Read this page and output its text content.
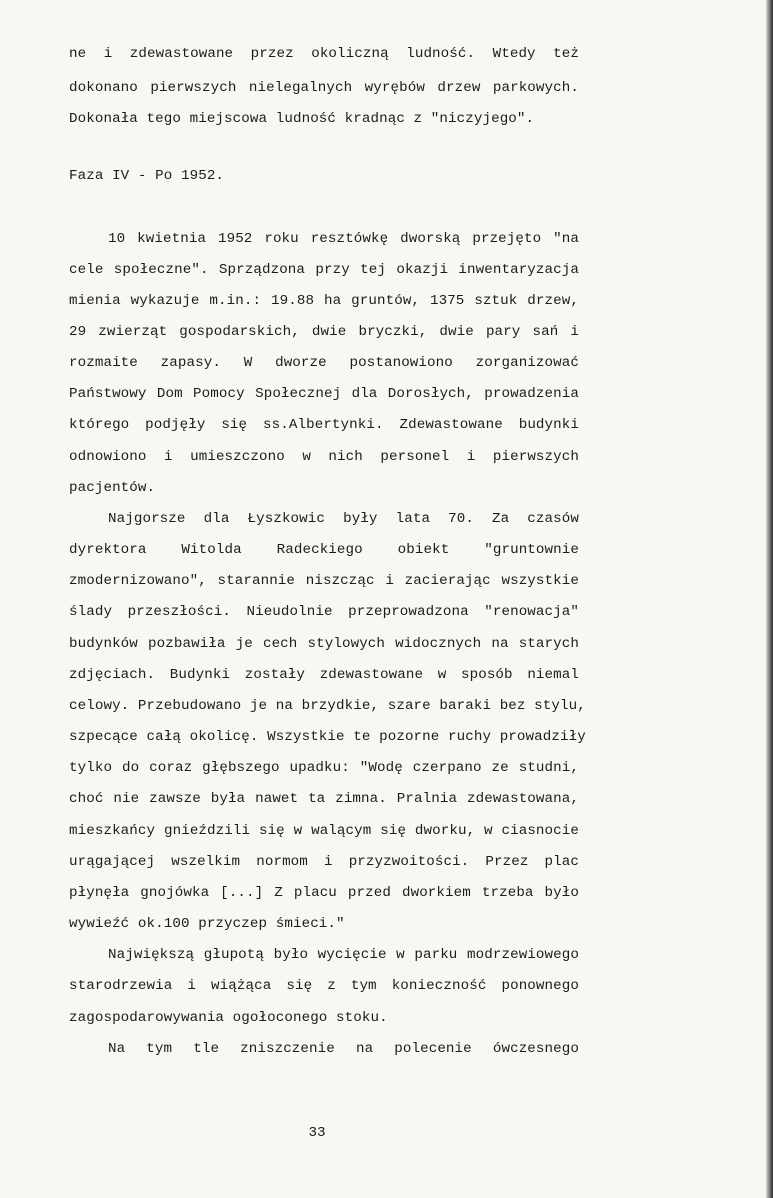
ne i zdewastowane przez okoliczną ludność. Wtedy też
dokonano pierwszych nielegalnych wyrębów drzew parkowych.
Dokonała tego miejscowa ludność kradnąc z "niczyjego".
Faza IV - Po 1952.
10 kwietnia 1952 roku resztówkę dworską przejęto "na
cele społeczne". Sprządzona przy tej okazji inwentaryzacja
mienia wykazuje m.in.: 19.88 ha gruntów, 1375 sztuk drzew,
29 zwierząt gospodarskich, dwie bryczki, dwie pary sań i
rozmaite zapasy. W dworze postanowiono zorganizować
Państwowy Dom Pomocy Społecznej dla Dorosłych, prowadzenia
którego podjęły się ss.Albertynki. Zdewastowane budynki
odnowiono i umieszczono w nich personel i pierwszych
pacjentów.
Najgorsze dla Łyszkowic były lata 70. Za czasów
dyrektora Witolda Radeckiego obiekt "gruntownie
zmodernizowano", starannie niszcząc i zacierając wszystkie
ślady przeszłości. Nieudolnie przeprowadzona "renowacja"
budynków pozbawiła je cech stylowych widocznych na starych
zdjęciach. Budynki zostały zdewastowane w sposób niemal
celowy. Przebudowano je na brzydkie, szare baraki bez stylu,
szpecące całą okolicę. Wszystkie te pozorne ruchy prowadziły
tylko do coraz głębszego upadku: "Wodę czerpano ze studni,
choć nie zawsze była nawet ta zimna. Pralnia zdewastowana,
mieszkańcy gnieździli się w walącym się dworku, w ciasnocie
urągającej wszelkim normom i przyzwoitości. Przez plac
płynęła gnojówka [...] Z placu przed dworkiem trzeba było
wywieźć ok.100 przyczep śmieci."
Największą głupotą było wycięcie w parku modrzewiowego
starodrzewia i wiążąca się z tym konieczność ponownego
zagospodarowywania ogołoconego stoku.
Na tym tle zniszczenie na polecenie ówczesnego
33
